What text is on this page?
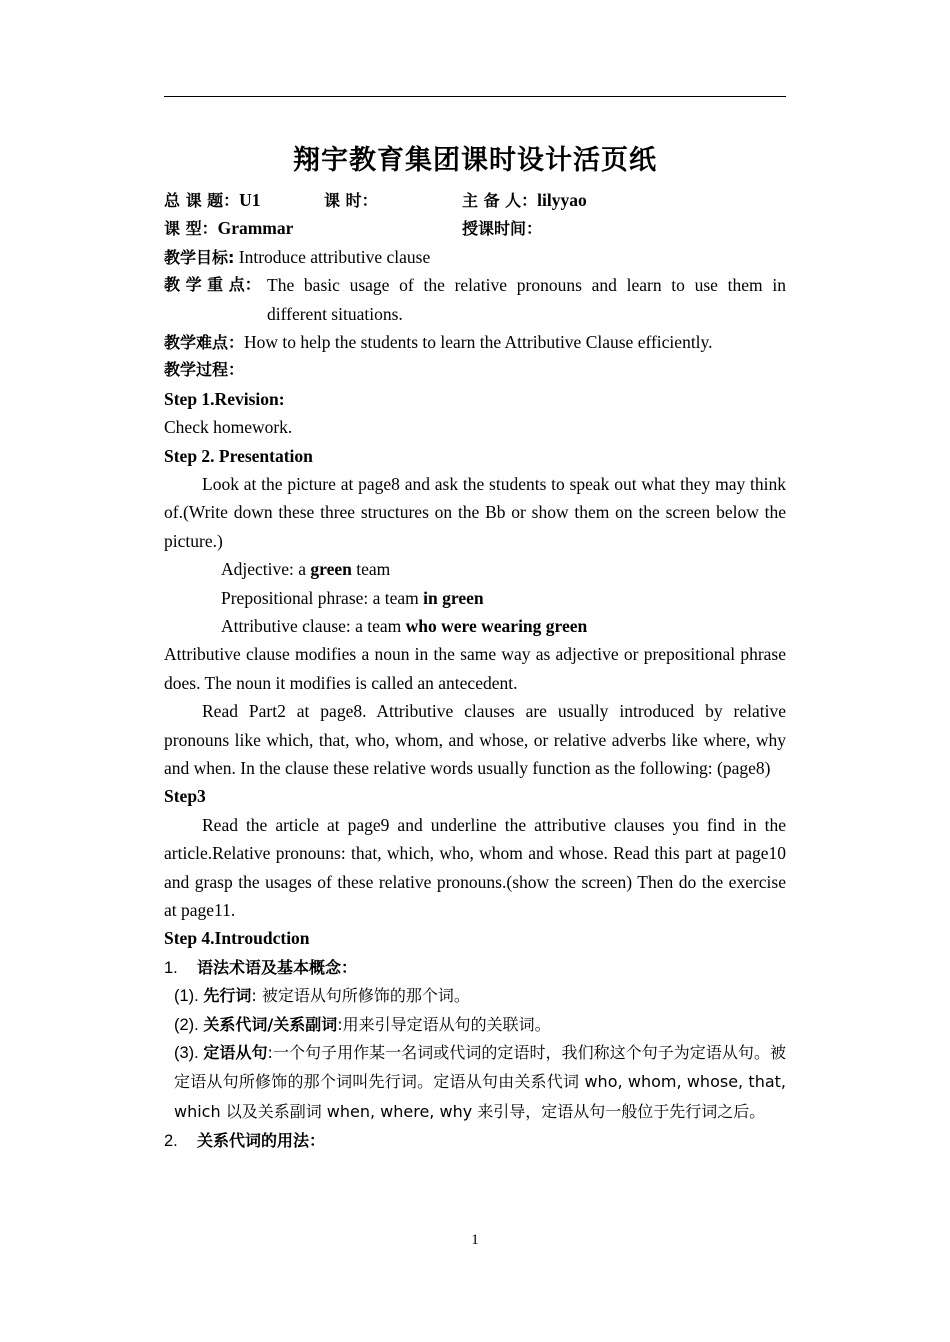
翔宇教育集团课时设计活页纸
总 课 题：U1	课 时：	主 备 人：lilyyao
课 型：Grammar	授课时间：
教学目标: Introduce attributive clause
教 学 重 点： The basic usage of the relative pronouns and learn to use them in different situations.
教学难点：How to help the students to learn the Attributive Clause efficiently.
教学过程：
Step 1.Revision:
Check homework.
Step 2. Presentation
Look at the picture at page8 and ask the students to speak out what they may think of.(Write down these three structures on the Bb or show them on the screen below the picture.)
Adjective: a green team
Prepositional phrase: a team in green
Attributive clause: a team who were wearing green
Attributive clause modifies a noun in the same way as adjective or prepositional phrase does. The noun it modifies is called an antecedent.
Read Part2 at page8. Attributive clauses are usually introduced by relative pronouns like which, that, who, whom, and whose, or relative adverbs like where, why and when. In the clause these relative words usually function as the following: (page8)
Step3
Read the article at page9 and underline the attributive clauses you find in the article.Relative pronouns: that, which, who, whom and whose. Read this part at page10 and grasp the usages of these relative pronouns.(show the screen) Then do the exercise at page11.
Step 4.Introudction
1. 语法术语及基本概念：
(1). 先行词: 被定语从句所修饰的那个词。
(2). 关系代词/关系副词:用来引导定语从句的关联词。
(3). 定语从句:一个句子用作某一名词或代词的定语时，我们称这个句子为定语从句。被定语从句所修饰的那个词叫先行词。定语从句由关系代词 who, whom, whose, that, which 以及关系副词 when, where, why 来引导，定语从句一般位于先行词之后。
2. 关系代词的用法：
1
